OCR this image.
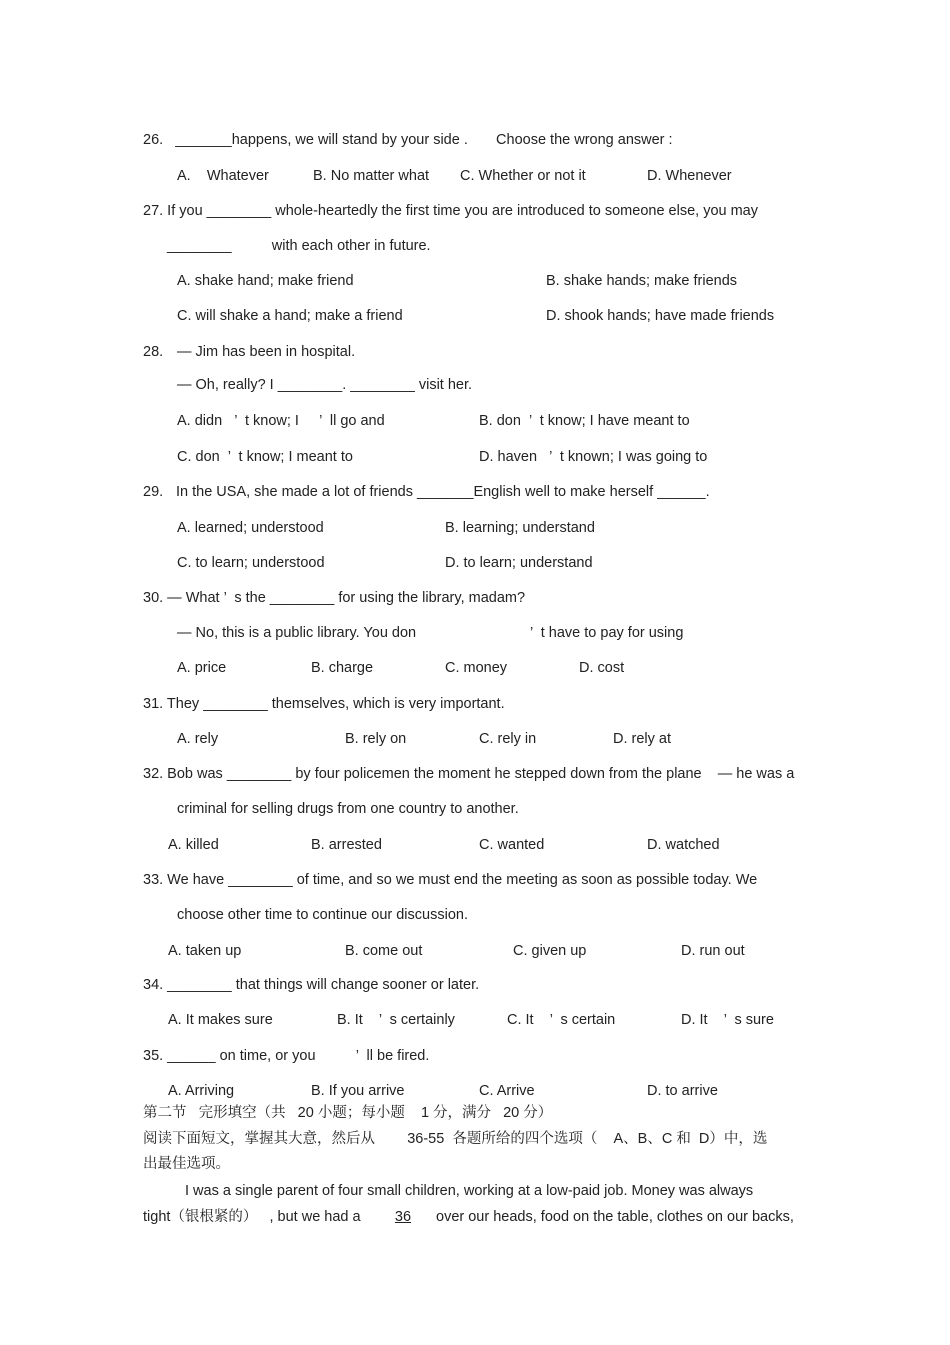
26.   _______happens, we will stand by your side .       Choose the wrong answer :
A.    Whatever	B. No matter what C. Whether or not it	D. Whenever
27. If you ________ whole-heartedly the first time you are introduced to someone else, you may
________          with each other in future.
A. shake hand; make friend	B. shake hands; make friends
C. will shake a hand; make a friend	D. shook hands; have made friends
28. — Jim has been in hospital.
— Oh, really? I ________. ________ visit her.
A. didn   ’  t know; I     ’  ll go and	B. don  ’  t know; I have meant to
C. don  ’  t know; I meant to	D. haven   ’  t known; I was going to
29. In the USA, she made a lot of friends _______English well to make herself ______.
A. learned; understood	B. learning; understand
C. to learn; understood	D. to learn; understand
30. — What ’  s the ________ for using the library, madam?
— No, this is a public library. You don	’  t have to pay for using
A. price	B. charge	C. money	D. cost
31. They ________ themselves, which is very important.
A. rely	B. rely on	C. rely in	D. rely at
32. Bob was ________ by four policemen the moment he stepped down from the plane    — he was a
criminal for selling drugs from one country to another.
A. killed	B. arrested	C. wanted	D. watched
33. We have ________ of time, and so we must end the meeting as soon as possible today. We
choose other time to continue our discussion.
A. taken up	B. come out	C. given up	D. run out
34. ________ that things will change sooner or later.
A. It makes sure	B. It    ’  s certainly	C. It    ’  s certain	D. It    ’  s sure
35. ______ on time, or you          ’  ll be fired.
A. Arriving	B. If you arrive	C. Arrive	D. to arrive
第二节   完形填空（共   20 小题；每小题    1 分，满分   20 分）
阅读下面短文，掌握其大意，然后从        36-55  各题所给的四个选项（    A、B、C 和  D）中，选
出最佳选项。
I was a single parent of four small children, working at a low-paid job. Money was always
tight（银根紧的）   , but we had a	36	over our heads, food on the table, clothes on our backs,
